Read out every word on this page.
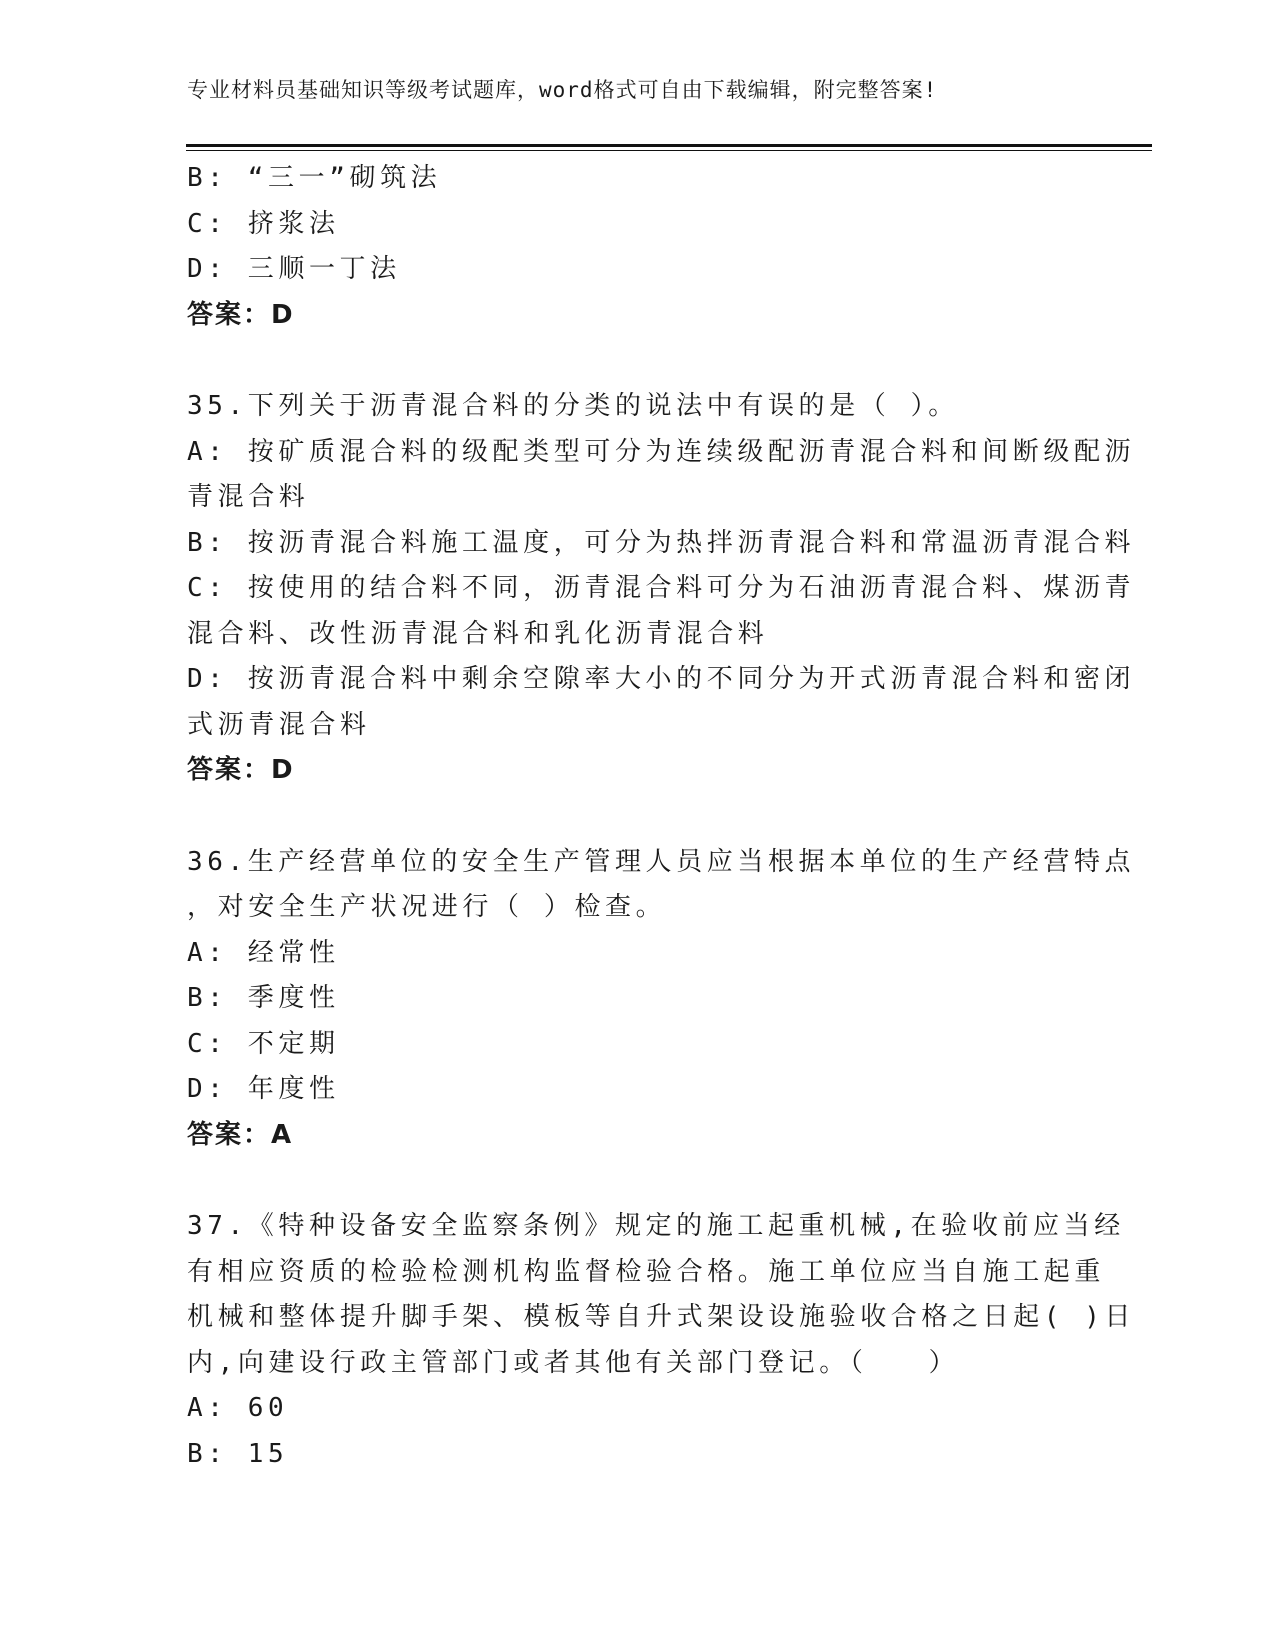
专业材料员基础知识等级考试题库，word格式可自由下载编辑，附完整答案!
B: “三一”砌筑法
C: 挤浆法
D: 三顺一丁法
答案：D
35.下列关于沥青混合料的分类的说法中有误的是（ ）。
A: 按矿质混合料的级配类型可分为连续级配沥青混合料和间断级配沥
青混合料
B: 按沥青混合料施工温度，可分为热拌沥青混合料和常温沥青混合料
C: 按使用的结合料不同，沥青混合料可分为石油沥青混合料、煤沥青
混合料、改性沥青混合料和乳化沥青混合料
D: 按沥青混合料中剩余空隙率大小的不同分为开式沥青混合料和密闭
式沥青混合料
答案：D
36.生产经营单位的安全生产管理人员应当根据本单位的生产经营特点
，对安全生产状况进行（ ）检查。
A: 经常性
B: 季度性
C: 不定期
D: 年度性
答案：A
37.《特种设备安全监察条例》规定的施工起重机械,在验收前应当经
有相应资质的检验检测机构监督检验合格。施工单位应当自施工起重
机械和整体提升脚手架、模板等自升式架设设施验收合格之日起( )日
内,向建设行政主管部门或者其他有关部门登记。（　　）
A: 60
B: 15
